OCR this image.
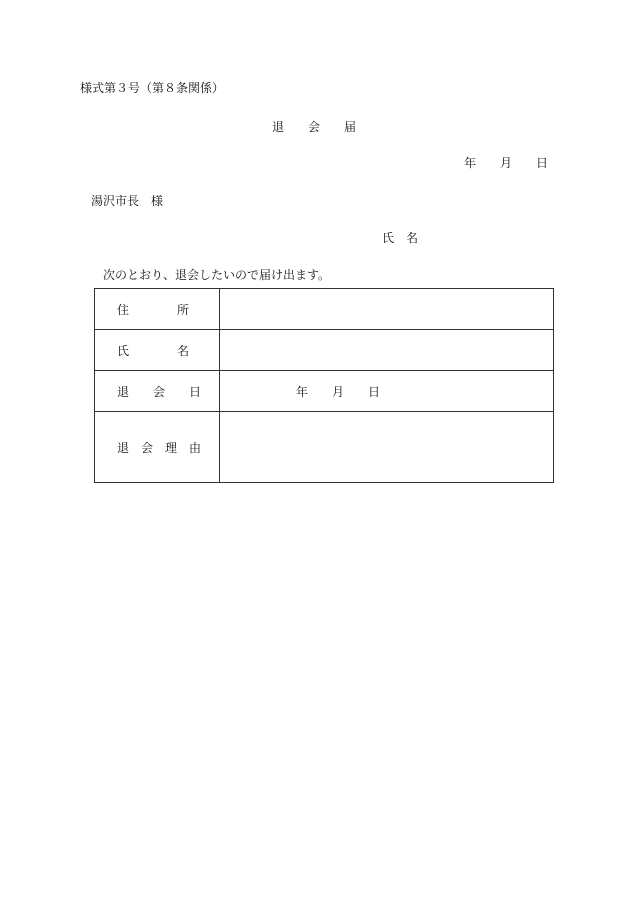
様式第３号（第８条関係）
退　　会　　届
年　　月　　日
湯沢市長　様
氏　名
次のとおり、退会したいので届け出ます。
住　　　　所	
氏　　　　名	
退　　会　　日	年　　月　　日
退　会　理　由	
